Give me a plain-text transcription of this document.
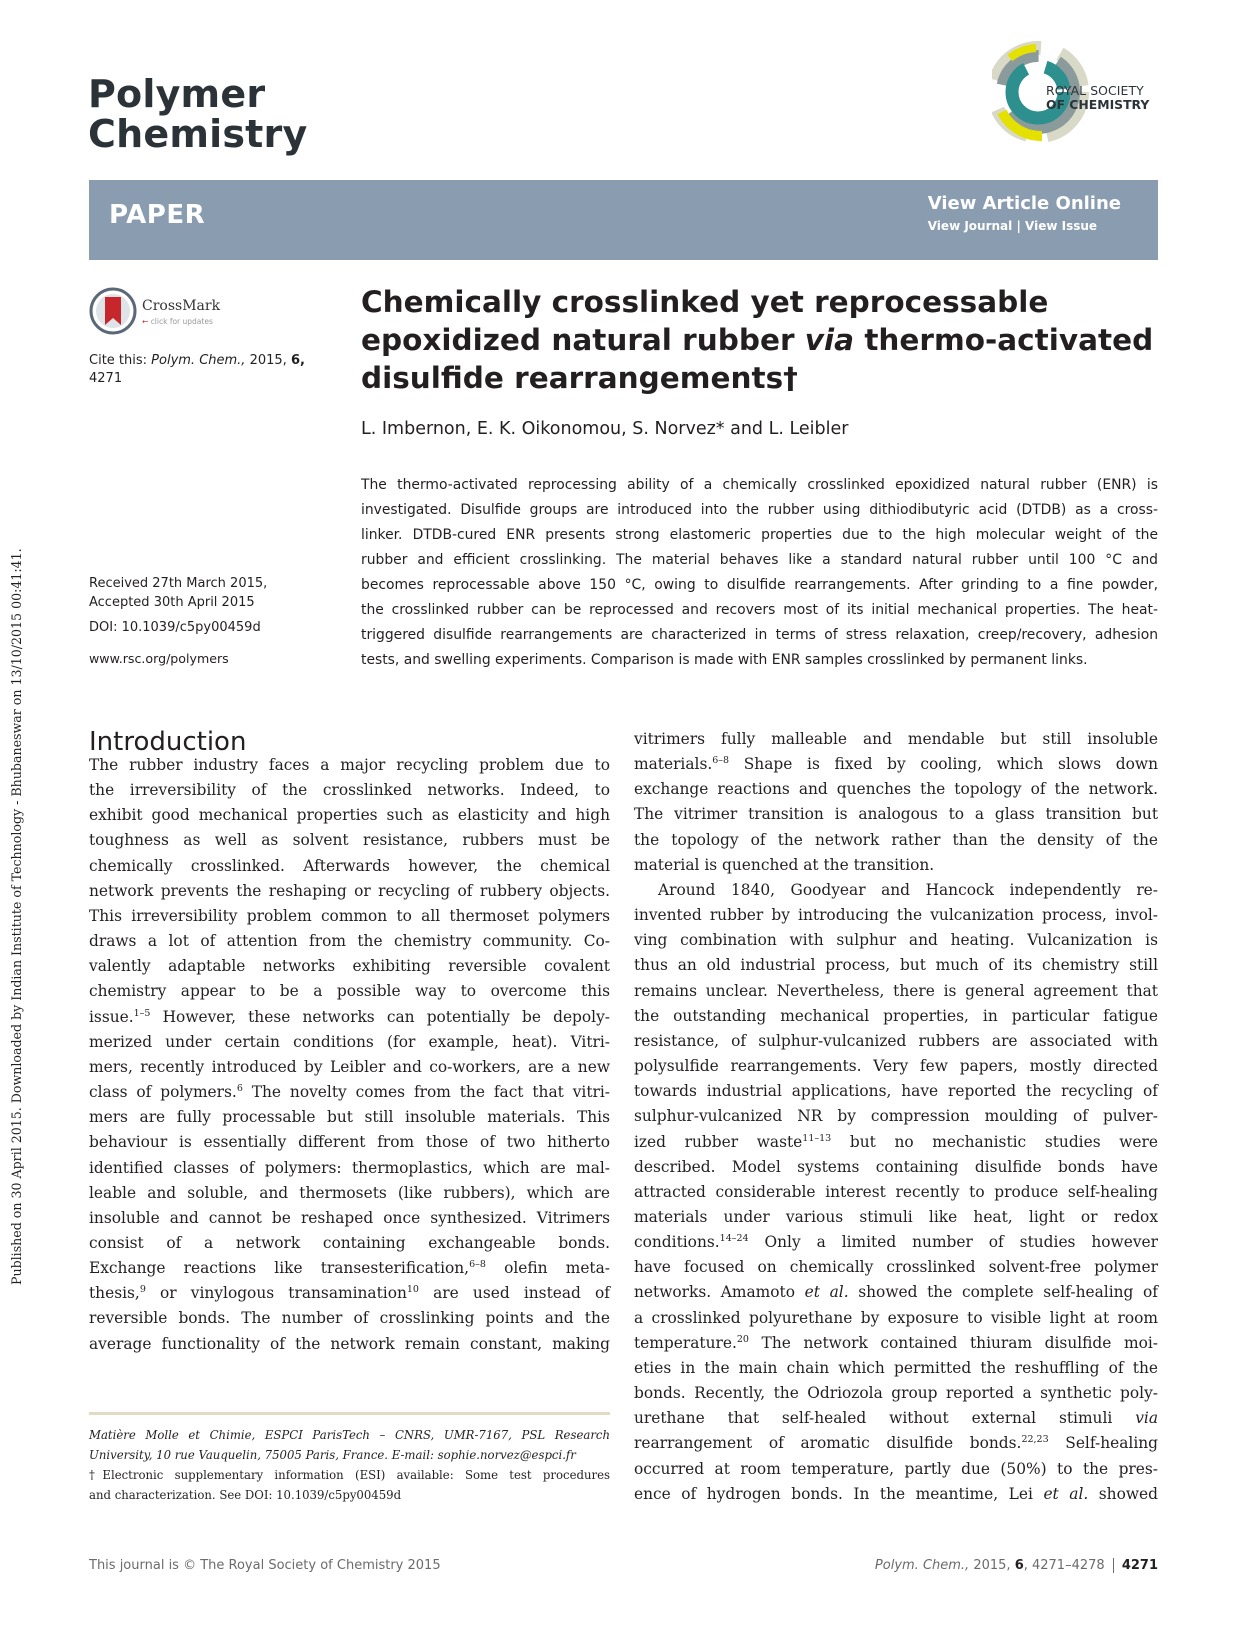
Published on 30 April 2015. Downloaded by Indian Institute of Technology - Bhubaneswar on 13/10/2015 00:41:41.
Polymer
Chemistry
ROYAL SOCIETY
OF CHEMISTRY
PAPER	View Article Online
View Journal | View Issue
CrossMark
← click for updates
Cite this: Polym. Chem., 2015, 6,
4271
Received 27th March 2015,
Accepted 30th April 2015
DOI: 10.1039/c5py00459d
www.rsc.org/polymers
Chemically crosslinked yet reprocessable
epoxidized natural rubber via thermo-activated
disulfide rearrangements†
L. Imbernon, E. K. Oikonomou, S. Norvez* and L. Leibler
The thermo-activated reprocessing ability of a chemically crosslinked epoxidized natural rubber (ENR) is
investigated. Disulfide groups are introduced into the rubber using dithiodibutyric acid (DTDB) as a cross-
linker. DTDB-cured ENR presents strong elastomeric properties due to the high molecular weight of the
rubber and efficient crosslinking. The material behaves like a standard natural rubber until 100 °C and
becomes reprocessable above 150 °C, owing to disulfide rearrangements. After grinding to a fine powder,
the crosslinked rubber can be reprocessed and recovers most of its initial mechanical properties. The heat-
triggered disulfide rearrangements are characterized in terms of stress relaxation, creep/recovery, adhesion
tests, and swelling experiments. Comparison is made with ENR samples crosslinked by permanent links.
Introduction
The rubber industry faces a major recycling problem due to
the irreversibility of the crosslinked networks. Indeed, to
exhibit good mechanical properties such as elasticity and high
toughness as well as solvent resistance, rubbers must be
chemically crosslinked. Afterwards however, the chemical
network prevents the reshaping or recycling of rubbery objects.
This irreversibility problem common to all thermoset polymers
draws a lot of attention from the chemistry community. Co-
valently adaptable networks exhibiting reversible covalent
chemistry appear to be a possible way to overcome this
issue.$^{1-5}$ However, these networks can potentially be depoly-
merized under certain conditions (for example, heat). Vitri-
mers, recently introduced by Leibler and co-workers, are a new
class of polymers.$^6$ The novelty comes from the fact that vitri-
mers are fully processable but still insoluble materials. This
behaviour is essentially different from those of two hitherto
identified classes of polymers: thermoplastics, which are mal-
leable and soluble, and thermosets (like rubbers), which are
insoluble and cannot be reshaped once synthesized. Vitrimers
consist of a network containing exchangeable bonds.
Exchange reactions like transesterification,$^{6-8}$ olefin meta-
thesis,$^9$ or vinylogous transamination$^{10}$ are used instead of
reversible bonds. The number of crosslinking points and the
average functionality of the network remain constant, making
vitrimers fully malleable and mendable but still insoluble
materials.$^{6-8}$ Shape is fixed by cooling, which slows down
exchange reactions and quenches the topology of the network.
The vitrimer transition is analogous to a glass transition but
the topology of the network rather than the density of the
material is quenched at the transition.
Around 1840, Goodyear and Hancock independently re-
invented rubber by introducing the vulcanization process, invol-
ving combination with sulphur and heating. Vulcanization is
thus an old industrial process, but much of its chemistry still
remains unclear. Nevertheless, there is general agreement that
the outstanding mechanical properties, in particular fatigue
resistance, of sulphur-vulcanized rubbers are associated with
polysulfide rearrangements. Very few papers, mostly directed
towards industrial applications, have reported the recycling of
sulphur-vulcanized NR by compression moulding of pulver-
ized rubber waste$^{11-13}$ but no mechanistic studies were
described. Model systems containing disulfide bonds have
attracted considerable interest recently to produce self-healing
materials under various stimuli like heat, light or redox
conditions.$^{14-24}$ Only a limited number of studies however
have focused on chemically crosslinked solvent-free polymer
networks. Amamoto et al. showed the complete self-healing of
a crosslinked polyurethane by exposure to visible light at room
temperature.$^{20}$ The network contained thiuram disulfide moi-
eties in the main chain which permitted the reshuffling of the
bonds. Recently, the Odriozola group reported a synthetic poly-
urethane that self-healed without external stimuli via
rearrangement of aromatic disulfide bonds.$^{22,23}$ Self-healing
occurred at room temperature, partly due (50%) to the pres-
ence of hydrogen bonds. In the meantime, Lei et al. showed
Matière Molle et Chimie, ESPCI ParisTech – CNRS, UMR-7167, PSL Research
University, 10 rue Vauquelin, 75005 Paris, France. E-mail: sophie.norvez@espci.fr
†Electronic supplementary information (ESI) available: Some test procedures
and characterization. See DOI: 10.1039/c5py00459d
This journal is © The Royal Society of Chemistry 2015	Polym. Chem., 2015, 6, 4271–4278 4271
